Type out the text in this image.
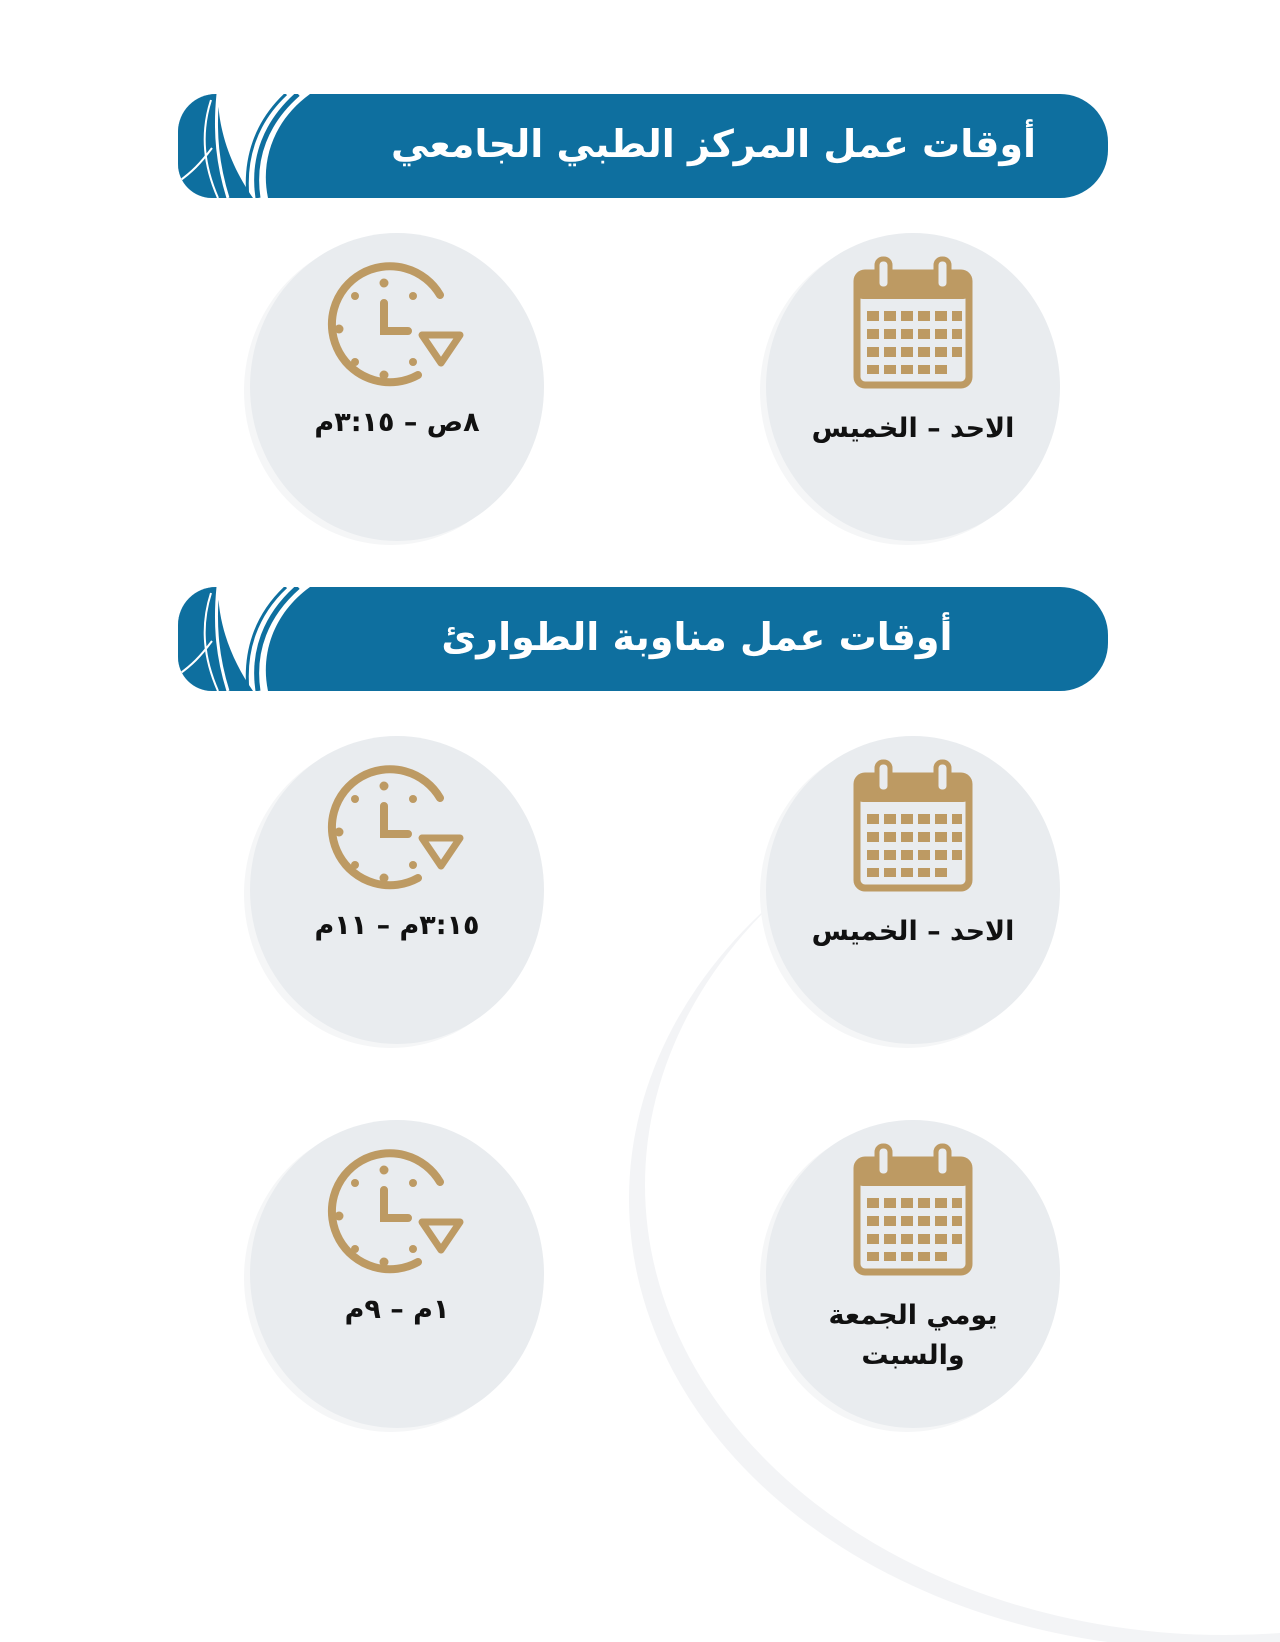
أوقات عمل المركز الطبي الجامعي
٨ص – ٣:١٥م	الاحد – الخميس
أوقات عمل مناوبة الطوارئ
٣:١٥م – ١١م	الاحد – الخميس
١م – ٩م	يومي الجمعة
والسبت
